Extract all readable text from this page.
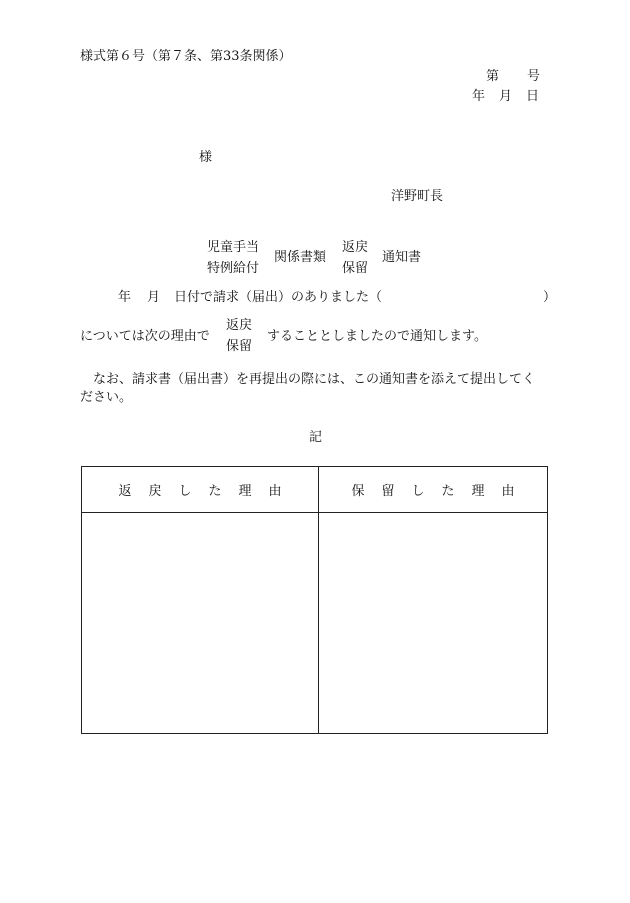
様式第６号（第７条、第33条関係）
第 号
年 月 日
様
洋野町長
児童手当
特例給付
関係書類
返戻
保留
通知書
年 月 日付で請求（届出）のありました（	）
については次の理由で
返戻
保留
することとしましたので通知します。
なお、請求書（届出書）を再提出の際には、この通知書を添えて提出してく
ださい。
記
返戻した理由	保留した理由
